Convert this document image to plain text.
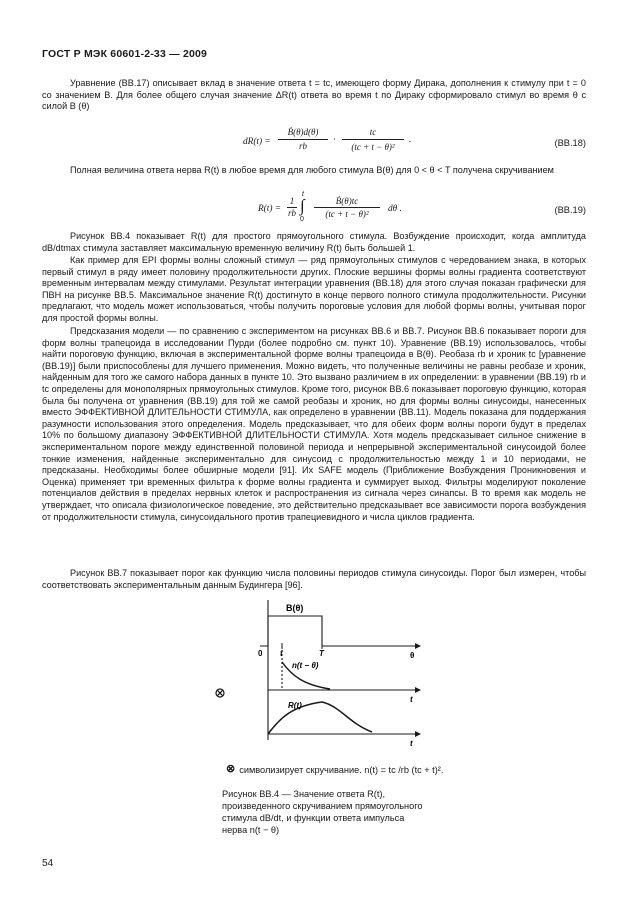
ГОСТ Р МЭК 60601-2-33 — 2009

Уравнение (ВВ.17) описывает вклад в значение ответа t = tc, имеющего форму Дирака, дополнения к стимулу при t = 0 со значением B. Для более общего случая значение ΔR(t) ответа во время t по Дираку сформировало стимул во время θ с силой B (θ)

dR(t) =
Ḃ(θ)d(θ)
rb
·
tc
(tc + t − θ)²
.	(ВВ.18)

Полная величина ответа нерва R(t) в любое время для любого стимула B(θ) для 0 < θ < T получена скручиванием

R(t) =
1
rb ∫
t
0
Ḃ(θ)tc
(tc + t − θ)²	dθ .	(ВВ.19)

Рисунок ВВ.4 показывает R(t) для простого прямоугольного стимула. Возбуждение происходит, когда амплитуда dB/dtmax стимула заставляет максимальную временную величину R(t) быть большей 1.

Как пример для EPI формы волны сложный стимул — ряд прямоугольных стимулов с чередованием знака, в которых первый стимул в ряду имеет половину продолжительности других. Плоские вершины формы волны градиента соответствуют временным интервалам между стимулами. Результат интеграции уравнения (ВВ.18) для этого случая показан графически для ПВН на рисунке ВВ.5. Максимальное значение R(t) достигнуто в конце первого полного стимула продолжительности. Рисунки предлагают, что модель может использоваться, чтобы получить пороговые условия для любой формы волны, учитывая порог для простой формы волны.

Предсказания модели — по сравнению с экспериментом на рисунках ВВ.6 и ВВ.7. Рисунок ВВ.6 показывает пороги для форм волны трапецоида в исследовании Пурди (более подробно см. пункт 10). Уравнение (ВВ.19) использовалось, чтобы найти пороговую функцию, включая в экспериментальной форме волны трапецоида в B(θ). Реобаза rb и хроник tc [уравнение (ВВ.19)] были приспособлены для лучшего применения. Можно видеть, что полученные величины не равны реобазе и хроник, найденным для того же самого набора данных в пункте 10. Это вызвано различием в их определении: в уравнении (ВВ.19) rb и tc определены для монополярных прямоугольных стимулов. Кроме того, рисунок ВВ.6 показывает пороговую функцию, которая была бы получена от уравнения (ВВ.19) для той же самой реобазы и хроник, но для формы волны синусоиды, нанесенных вместо ЭФФЕКТИВНОЙ ДЛИТЕЛЬНОСТИ СТИМУЛА, как определено в уравнении (ВВ.11). Модель показана для поддержания разумности использования этого определения. Модель предсказывает, что для обеих форм волны пороги будут в пределах 10% по большому диапазону ЭФФЕКТИВНОЙ ДЛИТЕЛЬНОСТИ СТИМУЛА. Хотя модель предсказывает сильное снижение в экспериментальном пороге между единственной половиной периода и непрерывной экспериментальной синусоидой более тонкие изменения, найденные экспериментально для синусоид с продолжительностью между 1 и 10 периодами, не предсказаны. Необходимы более обширные модели [91]. Их SAFE модель (Приближение Возбуждения Проникновения и Оценка) применяет три временных фильтра к форме волны градиента и суммирует выход. Фильтры моделируют поколение потенциалов действия в пределах нервных клеток и распространения из сигнала через синапсы. В то время как модель не утверждает, что описала физиологическое поведение, это действительно предсказывает все зависимости порога возбуждения от продолжительности стимула, синусоидального против трапециевидного и числа циклов градиента.

Рисунок ВВ.7 показывает порог как функцию числа половины периодов стимула синусоиды. Порог был измерен, чтобы соответствовать экспериментальным данным Будингера [96].

B(θ)
n(t − θ)
R(t)
0 t	T	θ
t
t
⊗ символизирует скручивание. n(t) = tc /rb (tc + t)².
Рисунок ВВ.4 — Значение ответа R(t), произведенного скручиванием прямоугольного стимула dB/dt, и функции ответа импульса нерва n(t − θ)
54
